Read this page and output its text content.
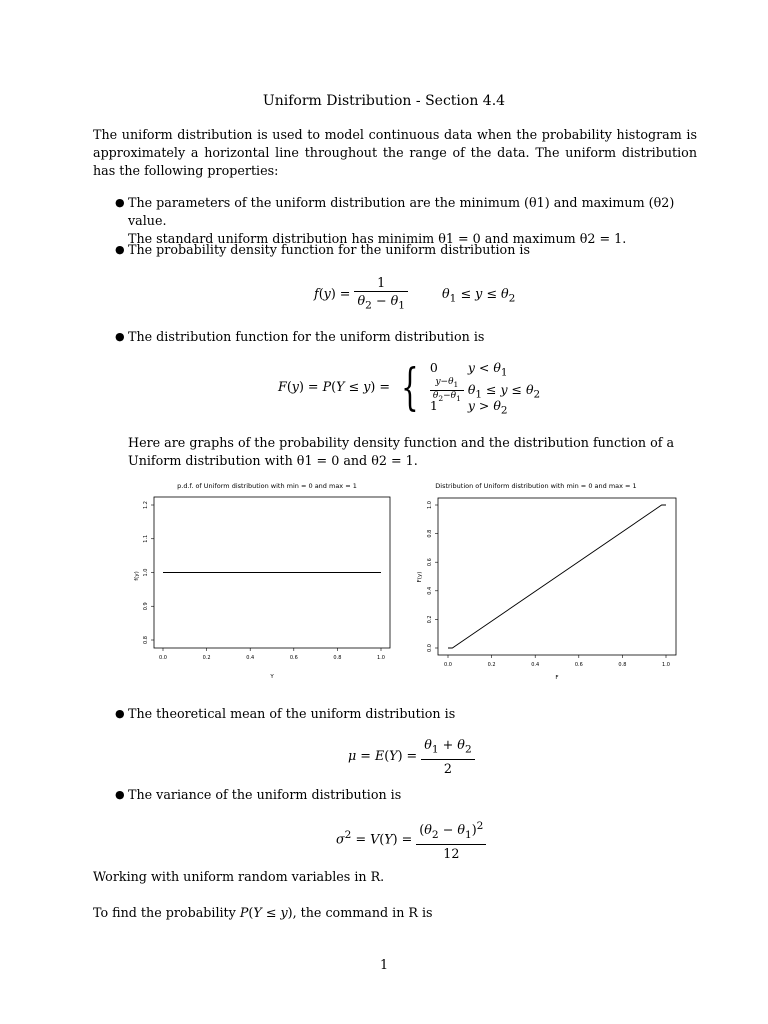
Uniform Distribution - Section 4.4
The uniform distribution is used to model continuous data when the probability histogram is approximately a horizontal line throughout the range of the data. The uniform distribution has the following properties:
● The parameters of the uniform distribution are the minimum (θ1) and maximum (θ2) value.
The standard uniform distribution has minimim θ1 = 0 and maximum θ2 = 1.
● The probability density function for the uniform distribution is
$f(y) = \frac{1}{\theta_2 - \theta_1}$	$\theta_1 \le y \le \theta_2$
● The distribution function for the uniform distribution is
F(y) = P(Y ≤ y) = { 0 $y < \theta_1$
$\frac{y-\theta_1}{\theta_2-\theta_1} \theta_1 \le y \le \theta_2$
1 $y > \theta_2$
Here are graphs of the probability density function and the distribution function of a Uniform distribution with θ1 = 0 and θ2 = 1.
p.d.f. of Uniform distribution with min = 0 and max = 1
0.0	0.2	0.4	0.6	0.8	1.0
0.8
0.9
1.0
1.1
1.2
Y
f(y)
Distribution of Uniform distribution with min = 0 and max = 1
0.0	0.2	0.4	0.6	0.8	1.0
0.0
0.2
0.4
0.6
0.8
1.0
F
F(y)
● The theoretical mean of the uniform distribution is
$\mu = E(Y) = \frac{\theta_1 + \theta_2}{2}$
● The variance of the uniform distribution is
$\sigma^2 = V(Y) = \frac{(\theta_2 - \theta_1)^2}{12}$
Working with uniform random variables in R.
To find the probability P(Y ≤ y), the command in R is
1
